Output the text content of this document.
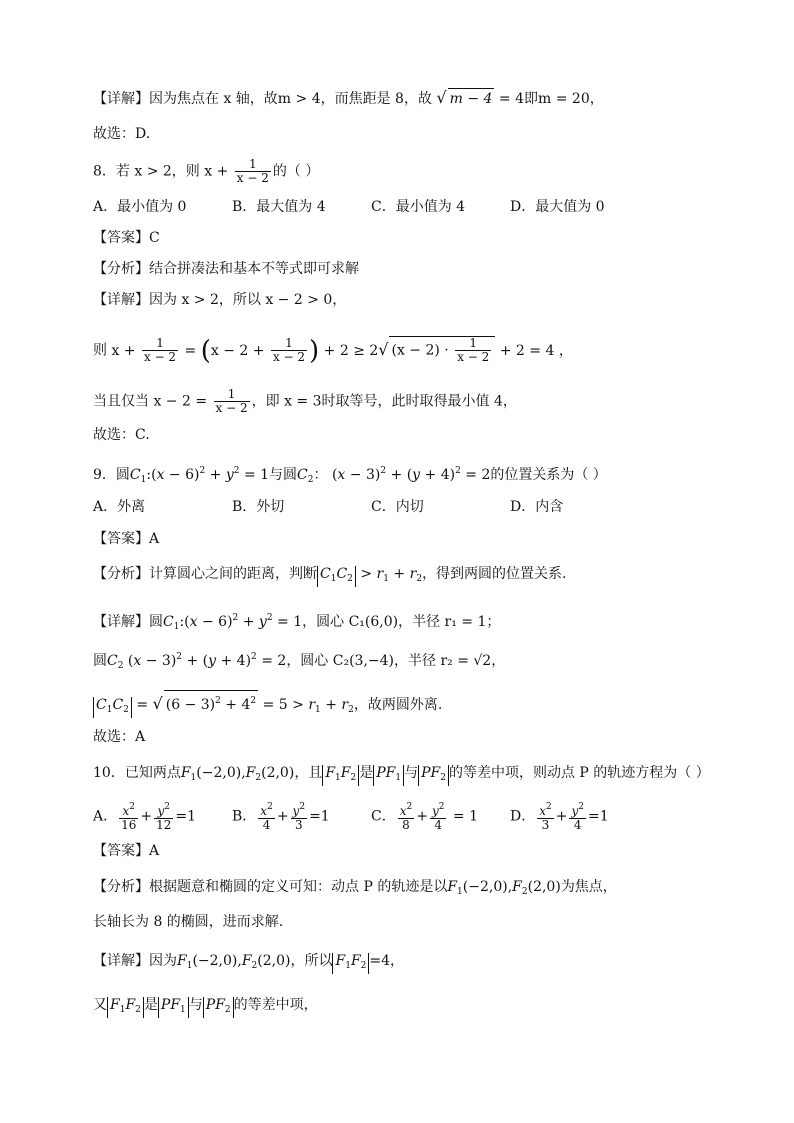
【详解】因为焦点在 x 轴，故m > 4，而焦距是 8，故 √ m − 4 = 4即m = 20，
故选：D.
8．若 x > 2，则 $x + \frac{1}{x - 2}$ 的（ ）
A．最小值为 0	B．最大值为 4	C．最小值为 4	D．最大值为 0
【答案】C
【分析】结合拼凑法和基本不等式即可求解
【详解】因为 x > 2，所以 x − 2 > 0，
则 $x + \frac{1}{x - 2} = (x - 2 + \frac{1}{x - 2}$ ) + 2 ≥ 2√ $(x - 2) \cdot \frac{1}{x - 2} + 2 = 4$ ，
当且仅当 $x - 2 = \frac{1}{x - 2}$ ，即 x = 3时取等号，此时取得最小值 4，
故选：C.
9．圆$C_1:(x - 6)^2 + y^2 = 1$与圆$C_2$： $(x - 3)^2 + (y + 4)^2 = 2$的位置关系为（ ）
A．外离	B．外切	C．内切	D．内含
【答案】A
【分析】计算圆心之间的距离，判断 $C_1C_2 > r_1 + r_2$，得到两圆的位置关系.
【详解】圆$C_1:(x - 6)^2 + y^2 = 1$，圆心 C₁(6,0)，半径 r₁ = 1；
圆$C_2$ $(x - 3)^2 + (y + 4)^2 = 2$，圆心 C₂(3,−4)，半径 r₂ = √2，
$C_1C_2$ = √ $(6 - 3)^2 + 4^2 = 5 > r_1 + r_2$，故两圆外离.
故选：A
10．已知两点$F_1(-2,0),F_2(2,0)$，且 $F_1F_2$ 是 $PF_1$ 与 $PF_2$ 的等差中项，则动点 P 的轨迹方程为（ ）
A． $\frac{x^2}{16} + \frac{y^2}{12} =1$	B． $\frac{x^2}{4} + \frac{y^2}{3} =1$	C． $\frac{x^2}{8} + \frac{y^2}{4} = 1$ D． $\frac{x^2}{3} + \frac{y^2}{4} =1$
【答案】A
【分析】根据题意和椭圆的定义可知：动点 P 的轨迹是以$F_1(-2,0),F_2(2,0)$为焦点，
长轴长为 8 的椭圆，进而求解.
【详解】因为$F_1(-2,0),F_2(2,0)$，所以 $F_1F_2 =4$，
又 $F_1F_2$ 是 $PF_1$ 与 $PF_2$ 的等差中项，
